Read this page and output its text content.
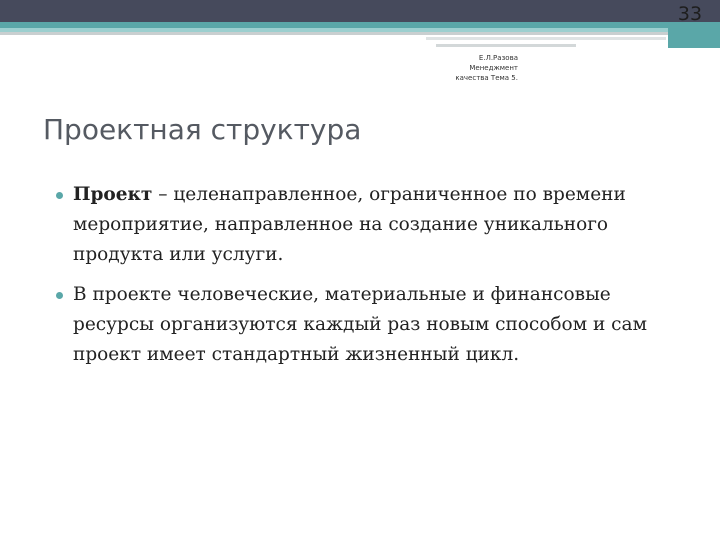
33
Е.Л.Разова
Менеджмент
качества Тема 5.
Проектная структура
Проект – целенаправленное, ограниченное по времени мероприятие, направленное на создание уникального продукта или услуги.
В проекте человеческие, материальные и финансовые ресурсы организуются каждый раз новым способом и сам проект имеет стандартный жизненный цикл.
